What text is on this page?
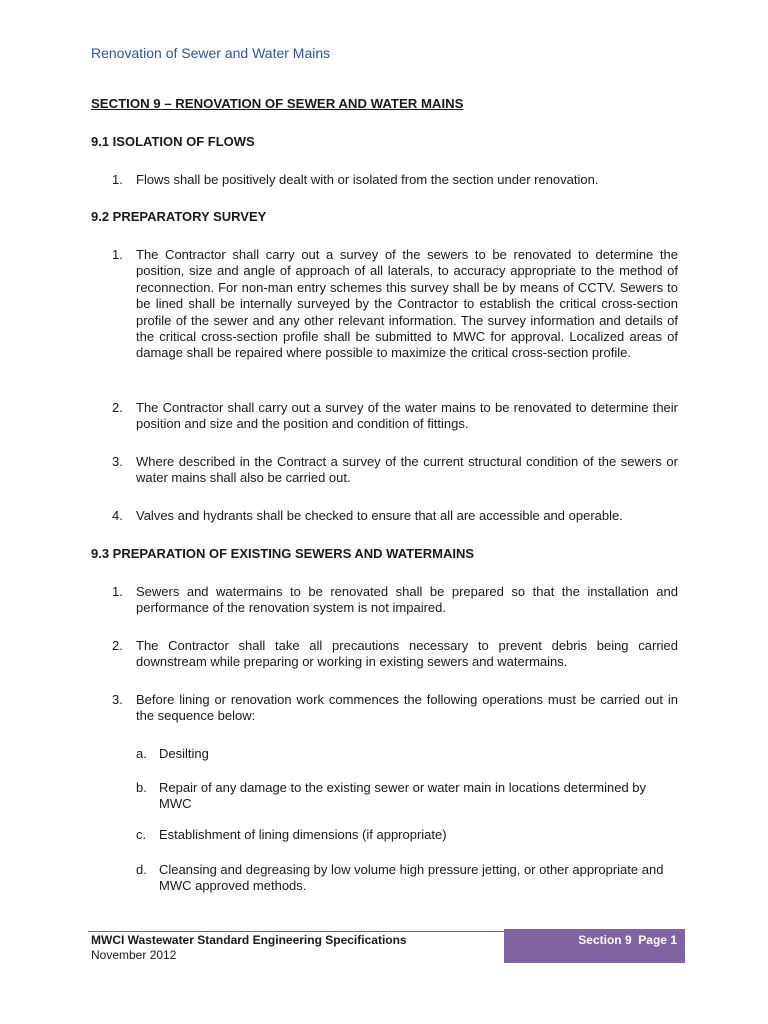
Renovation of Sewer and Water Mains
SECTION 9 – RENOVATION OF SEWER AND WATER MAINS
9.1 ISOLATION OF FLOWS
1. Flows shall be positively dealt with or isolated from the section under renovation.
9.2 PREPARATORY SURVEY
1. The Contractor shall carry out a survey of the sewers to be renovated to determine the position, size and angle of approach of all laterals, to accuracy appropriate to the method of reconnection. For non-man entry schemes this survey shall be by means of CCTV. Sewers to be lined shall be internally surveyed by the Contractor to establish the critical cross-section profile of the sewer and any other relevant information. The survey information and details of the critical cross-section profile shall be submitted to MWC for approval. Localized areas of damage shall be repaired where possible to maximize the critical cross-section profile.
2. The Contractor shall carry out a survey of the water mains to be renovated to determine their position and size and the position and condition of fittings.
3. Where described in the Contract a survey of the current structural condition of the sewers or water mains shall also be carried out.
4. Valves and hydrants shall be checked to ensure that all are accessible and operable.
9.3 PREPARATION OF EXISTING SEWERS AND WATERMAINS
1. Sewers and watermains to be renovated shall be prepared so that the installation and performance of the renovation system is not impaired.
2. The Contractor shall take all precautions necessary to prevent debris being carried downstream while preparing or working in existing sewers and watermains.
3. Before lining or renovation work commences the following operations must be carried out in the sequence below:
a. Desilting
b. Repair of any damage to the existing sewer or water main in locations determined by MWC
c. Establishment of lining dimensions (if appropriate)
d. Cleansing and degreasing by low volume high pressure jetting, or other appropriate and MWC approved methods.
MWCI Wastewater Standard Engineering Specifications
November 2012
Section 9  Page 1
